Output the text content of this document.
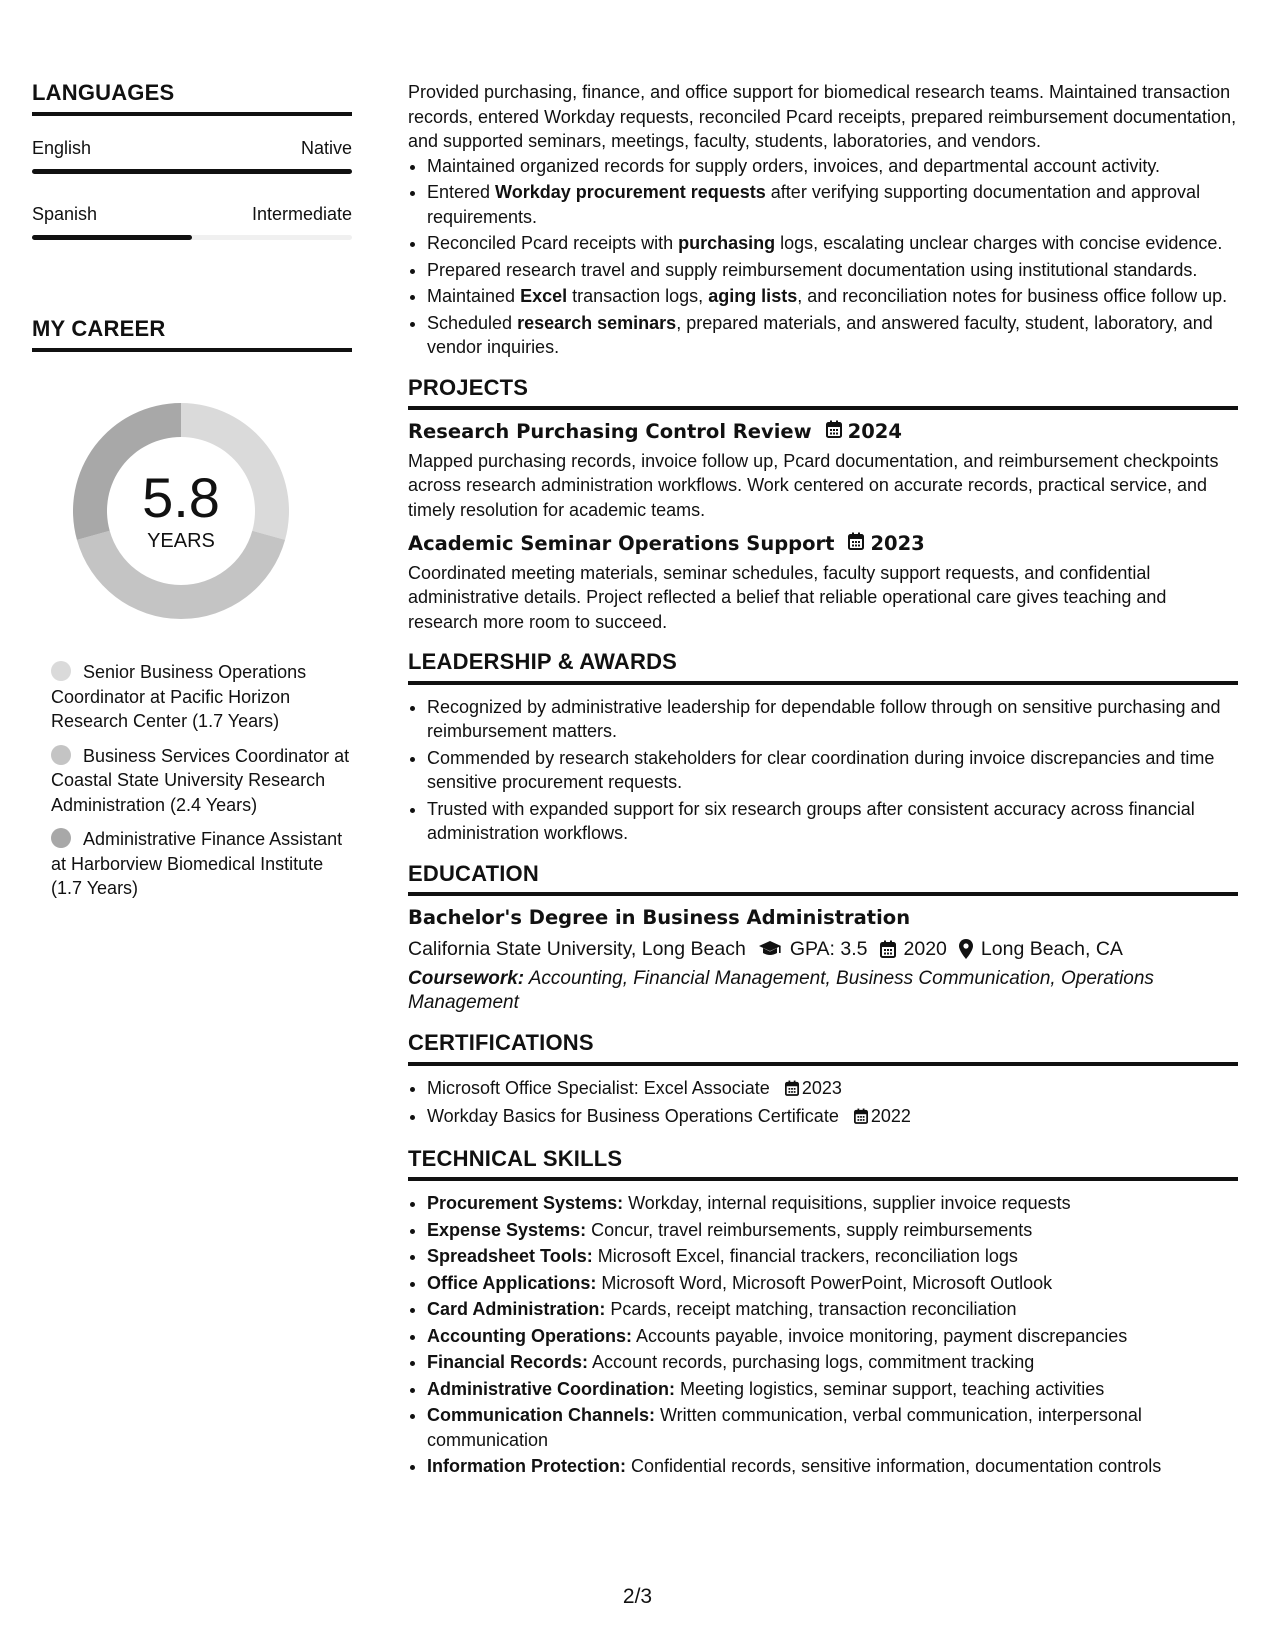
LANGUAGES
English	Native
Spanish	Intermediate
MY CAREER
5.8
YEARS
Senior Business Operations Coordinator at Pacific Horizon Research Center (1.7 Years)
Business Services Coordinator at Coastal State University Research Administration (2.4 Years)
Administrative Finance Assistant at Harborview Biomedical Institute (1.7 Years)
Provided purchasing, finance, and office support for biomedical research teams. Maintained transaction records, entered Workday requests, reconciled Pcard receipts, prepared reimbursement documentation, and supported seminars, meetings, faculty, students, laboratories, and vendors.
• Maintained organized records for supply orders, invoices, and departmental account activity.
• Entered Workday procurement requests after verifying supporting documentation and approval requirements.
• Reconciled Pcard receipts with purchasing logs, escalating unclear charges with concise evidence.
• Prepared research travel and supply reimbursement documentation using institutional standards.
• Maintained Excel transaction logs, aging lists, and reconciliation notes for business office follow up.
• Scheduled research seminars, prepared materials, and answered faculty, student, laboratory, and vendor inquiries.
PROJECTS
Research Purchasing Control Review 2024
Mapped purchasing records, invoice follow up, Pcard documentation, and reimbursement checkpoints across research administration workflows. Work centered on accurate records, practical service, and timely resolution for academic teams.
Academic Seminar Operations Support 2023
Coordinated meeting materials, seminar schedules, faculty support requests, and confidential administrative details. Project reflected a belief that reliable operational care gives teaching and research more room to succeed.
LEADERSHIP & AWARDS
• Recognized by administrative leadership for dependable follow through on sensitive purchasing and reimbursement matters.
• Commended by research stakeholders for clear coordination during invoice discrepancies and time sensitive procurement requests.
• Trusted with expanded support for six research groups after consistent accuracy across financial administration workflows.
EDUCATION
Bachelor's Degree in Business Administration
California State University, Long Beach GPA: 3.5 2020 Long Beach, CA
Coursework: Accounting, Financial Management, Business Communication, Operations Management
CERTIFICATIONS
• Microsoft Office Specialist: Excel Associate 2023
• Workday Basics for Business Operations Certificate 2022
TECHNICAL SKILLS
• Procurement Systems: Workday, internal requisitions, supplier invoice requests
• Expense Systems: Concur, travel reimbursements, supply reimbursements
• Spreadsheet Tools: Microsoft Excel, financial trackers, reconciliation logs
• Office Applications: Microsoft Word, Microsoft PowerPoint, Microsoft Outlook
• Card Administration: Pcards, receipt matching, transaction reconciliation
• Accounting Operations: Accounts payable, invoice monitoring, payment discrepancies
• Financial Records: Account records, purchasing logs, commitment tracking
• Administrative Coordination: Meeting logistics, seminar support, teaching activities
• Communication Channels: Written communication, verbal communication, interpersonal communication
• Information Protection: Confidential records, sensitive information, documentation controls
2/3
